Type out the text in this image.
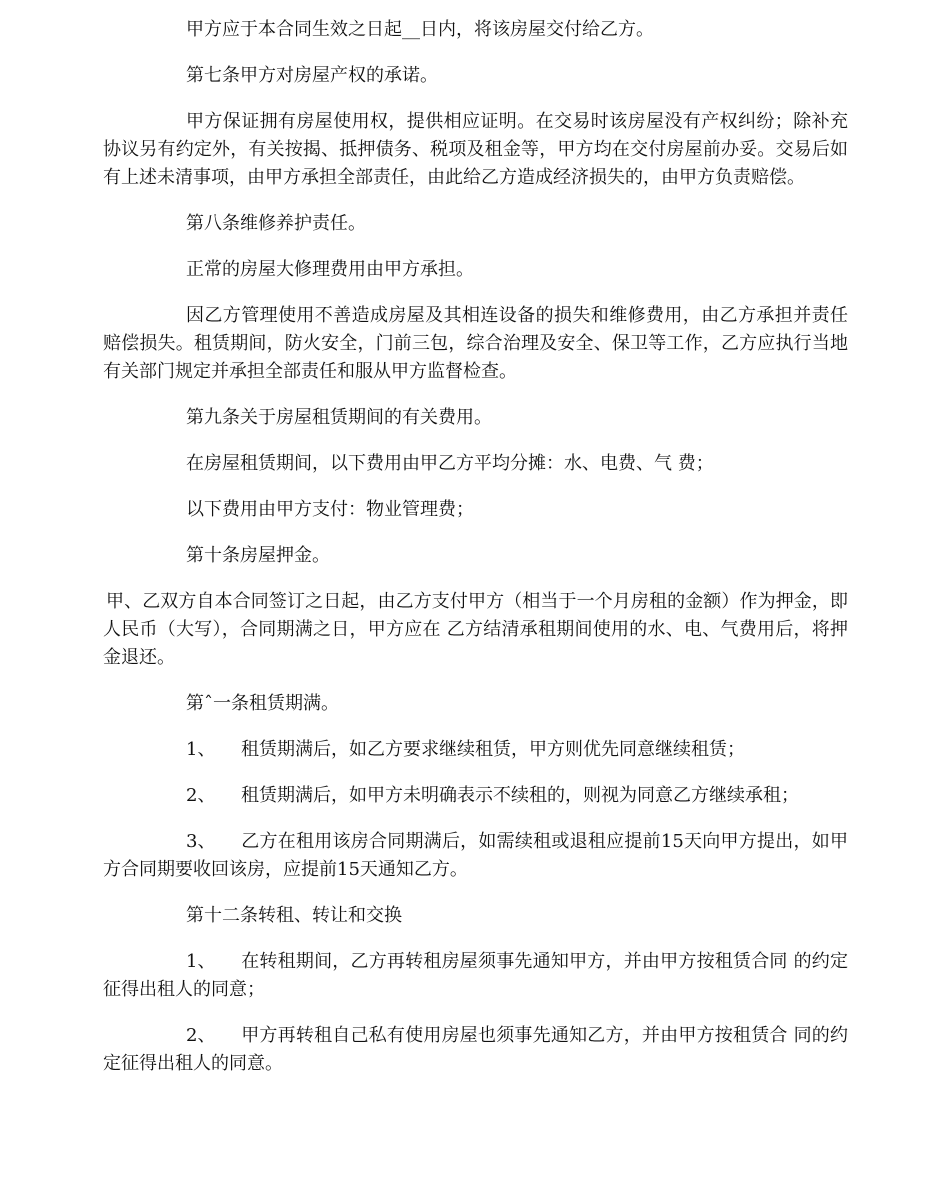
甲方应于本合同生效之日起__日内，将该房屋交付给乙方。

第七条甲方对房屋产权的承诺。

甲方保证拥有房屋使用权，提供相应证明。在交易时该房屋没有产权纠纷；除补充协议另有约定外，有关按揭、抵押债务、税项及租金等，甲方均在交付房屋前办妥。交易后如有上述未清事项，由甲方承担全部责任，由此给乙方造成经济损失的，由甲方负责赔偿。

第八条维修养护责任。

正常的房屋大修理费用由甲方承担。

因乙方管理使用不善造成房屋及其相连设备的损失和维修费用，由乙方承担并责任赔偿损失。租赁期间，防火安全，门前三包，综合治理及安全、保卫等工作，乙方应执行当地有关部门规定并承担全部责任和服从甲方监督检查。

第九条关于房屋租赁期间的有关费用。

在房屋租赁期间，以下费用由甲乙方平均分摊：水、电费、气 费；

以下费用由甲方支付：物业管理费；

第十条房屋押金。

甲、乙双方自本合同签订之日起，由乙方支付甲方（相当于一个月房租的金额）作为押金，即人民币（大写），合同期满之日，甲方应在 乙方结清承租期间使用的水、电、气费用后，将押金退还。

第ˆ一条租赁期满。

1、	租赁期满后，如乙方要求继续租赁，甲方则优先同意继续租赁；
2、	租赁期满后，如甲方未明确表示不续租的，则视为同意乙方继续承租；

3、 乙方在租用该房合同期满后，如需续租或退租应提前15天向甲方提出，如甲方合同期要收回该房，应提前15天通知乙方。

第十二条转租、转让和交换

1、 在转租期间，乙方再转租房屋须事先通知甲方，并由甲方按租赁合同 的约定征得出租人的同意；

2、 甲方再转租自己私有使用房屋也须事先通知乙方，并由甲方按租赁合 同的约定征得出租人的同意。
